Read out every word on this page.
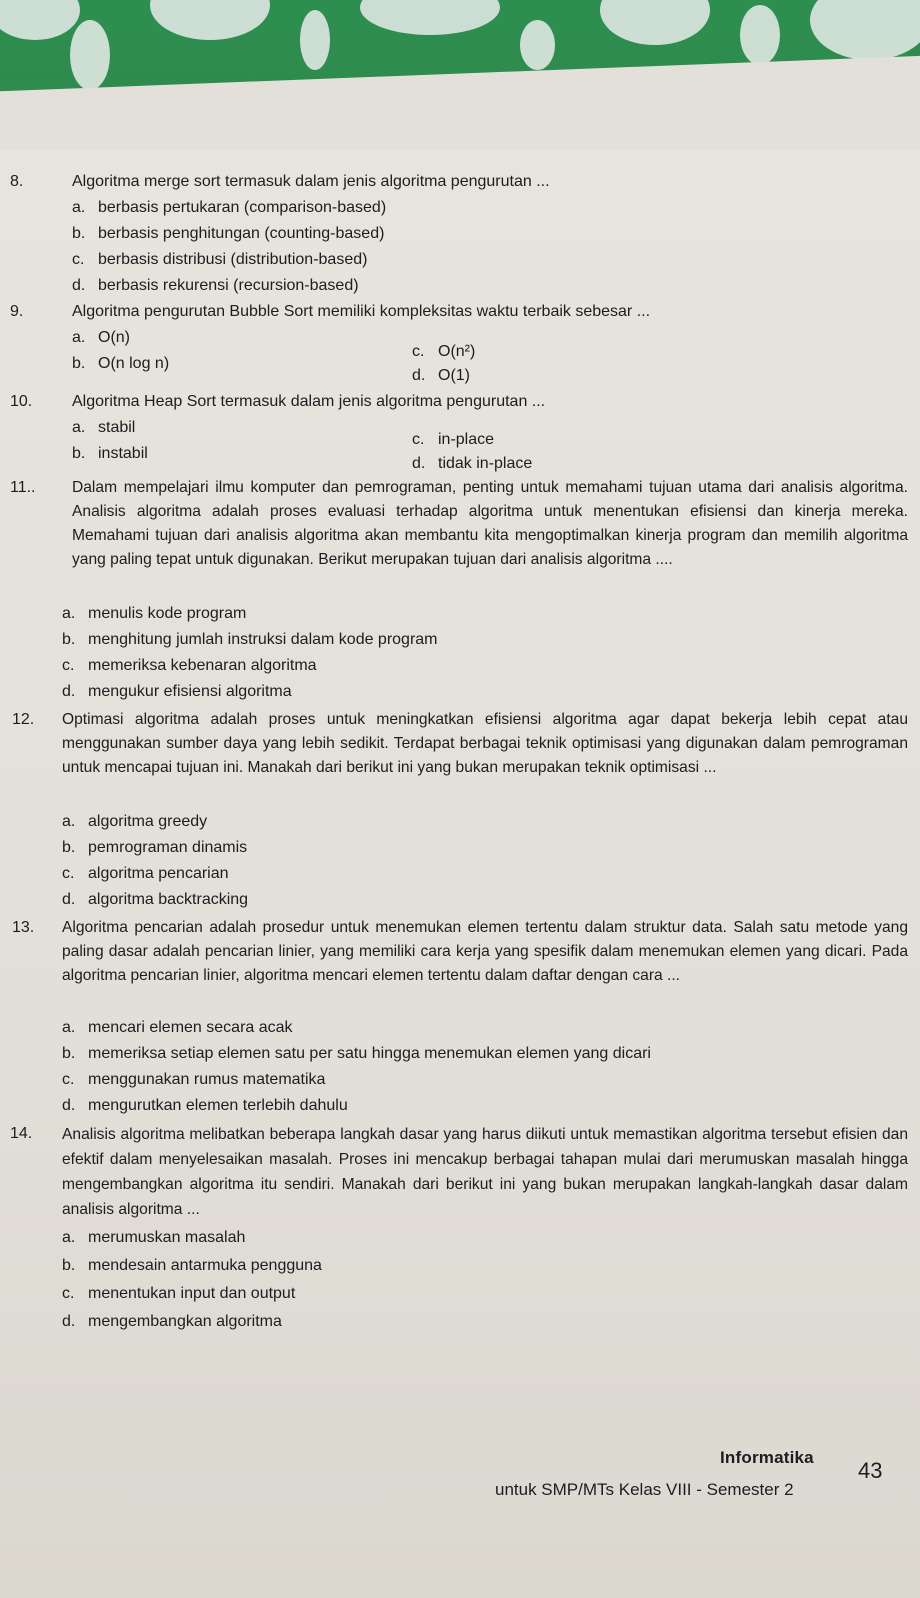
8.	Algoritma merge sort termasuk dalam jenis algoritma pengurutan ...
a. berbasis pertukaran (comparison-based)
b. berbasis penghitungan (counting-based)
c. berbasis distribusi (distribution-based)
d. berbasis rekurensi (recursion-based)
9.	Algoritma pengurutan Bubble Sort memiliki kompleksitas waktu terbaik sebesar ...
a. O(n)
b. O(n log n)
c. O(n²)
d. O(1)
10. Algoritma Heap Sort termasuk dalam jenis algoritma pengurutan ...
a. stabil
b. instabil
c. in-place
d. tidak in-place
11.. Dalam mempelajari ilmu komputer dan pemrograman, penting untuk memahami tujuan utama dari analisis algoritma. Analisis algoritma adalah proses evaluasi terhadap algoritma untuk menentukan efisiensi dan kinerja mereka. Memahami tujuan dari analisis algoritma akan membantu kita mengoptimalkan kinerja program dan memilih algoritma yang paling tepat untuk digunakan. Berikut merupakan tujuan dari analisis algoritma ....
a. menulis kode program
b. menghitung jumlah instruksi dalam kode program
c. memeriksa kebenaran algoritma
d. mengukur efisiensi algoritma
12. Optimasi algoritma adalah proses untuk meningkatkan efisiensi algoritma agar dapat bekerja lebih cepat atau menggunakan sumber daya yang lebih sedikit. Terdapat berbagai teknik optimisasi yang digunakan dalam pemrograman untuk mencapai tujuan ini. Manakah dari berikut ini yang bukan merupakan teknik optimisasi ...
a. algoritma greedy
b. pemrograman dinamis
c. algoritma pencarian
d. algoritma backtracking
13. Algoritma pencarian adalah prosedur untuk menemukan elemen tertentu dalam struktur data. Salah satu metode yang paling dasar adalah pencarian linier, yang memiliki cara kerja yang spesifik dalam menemukan elemen yang dicari. Pada algoritma pencarian linier, algoritma mencari elemen tertentu dalam daftar dengan cara ...
a. mencari elemen secara acak
b. memeriksa setiap elemen satu per satu hingga menemukan elemen yang dicari
c. menggunakan rumus matematika
d. mengurutkan elemen terlebih dahulu
14. Analisis algoritma melibatkan beberapa langkah dasar yang harus diikuti untuk memastikan algoritma tersebut efisien dan efektif dalam menyelesaikan masalah. Proses ini mencakup berbagai tahapan mulai dari merumuskan masalah hingga mengembangkan algoritma itu sendiri. Manakah dari berikut ini yang bukan merupakan langkah-langkah dasar dalam analisis algoritma ...
a. merumuskan masalah
b. mendesain antarmuka pengguna
c. menentukan input dan output
d. mengembangkan algoritma
Informatika
untuk SMP/MTs Kelas VIII - Semester 2
43
